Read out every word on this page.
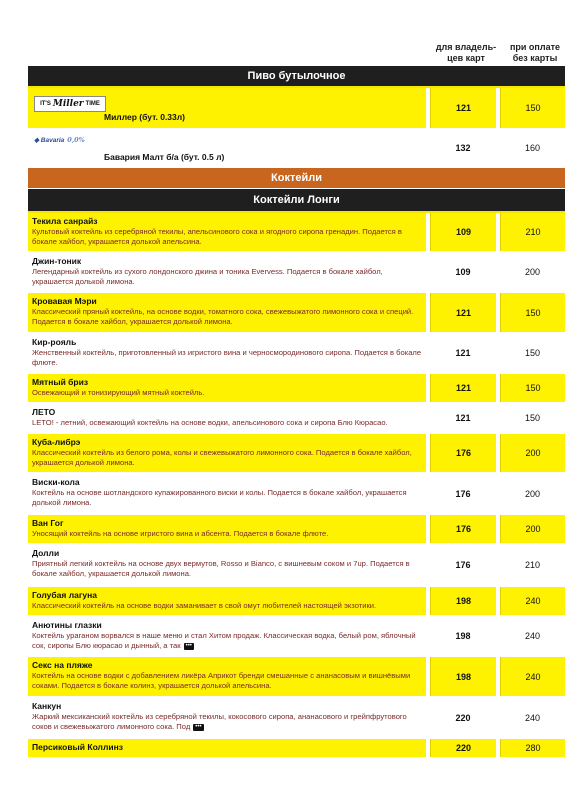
для владель-
цев карт
при оплате
без карты
Пиво бутылочное
IT'S Miller TIME
Миллер (бут. 0.33л)
121	150
◆ Bavaria 0,0%
Бавария Малт б/а (бут. 0.5 л)
132	160
Коктейли
Коктейли Лонги
Текила санрайз
Культовый коктейль из серебряной текилы, апельсинового сока и ягодного сиропа гренадин. Подается в бокале хайбол, украшается долькой апельсина.
109	210
Джин-тоник
Легендарный коктейль из сухого лондонского джина и тоника Evervess. Подается в бокале хайбол, украшается долькой лимона.
109	200
Кровавая Мэри
Классический пряный коктейль, на основе водки, томатного сока, свежевыжатого лимонного сока и специй. Подается в бокале хайбол, украшается долькой лимона.
121	150
Кир-рояль
Женственный коктейль, приготовленный из игристого вина и черносмородинового сиропа. Подается в бокале флюте.
121	150
Мятный бриз
Освежающий и тонизирующий мятный коктейль.	121	150
ЛЕТО
LETO! - летний, освежающий коктейль на основе водки, апельсинового сока и сиропа Блю Кюрасао.	121	150
Куба-либрэ
Классический коктейль из белого рома, колы и свежевыжатого лимонного сока. Подается в бокале хайбол, украшается долькой лимона.
176	200
Виски-кола
Коктейль на основе шотландского купажированного виски и колы. Подается в бокале хайбол, украшается долькой лимона.
176	200
Ван Гог
Уносящий коктейль на основе игристого вина и абсента. Подается в бокале флюте.	176	200
Долли
Приятный легкий коктейль на основе двух вермутов, Rosso и Bianco, с вишневым соком и 7up. Подается в бокале хайбол, украшается долькой лимона.
176	210
Голубая лагуна
Классический коктейль на основе водки заманивает в свой омут любителей настоящей экзотики.	198	240
Анютины глазки
Коктейль ураганом ворвался в наше меню и стал Хитом продаж. Классическая водка, белый ром, яблочный сок, сиропы Блю кюрасао и дынный, а так •••
198	240
Секс на пляже
Коктейль на основе водки с добавлением ликёра Априкот бренди смешанные с ананасовым и вишнёвыми соками. Подается в бокале колинз, украшается долькой апельсина.
198	240
Канкун
Жаркий мексиканский коктейль из серебряной текилы, кокосового сиропа, ананасового и грейпфрутового соков и свежевыжатого лимонного сока. Под •••
220	240
Персиковый Коллинз	220	280
